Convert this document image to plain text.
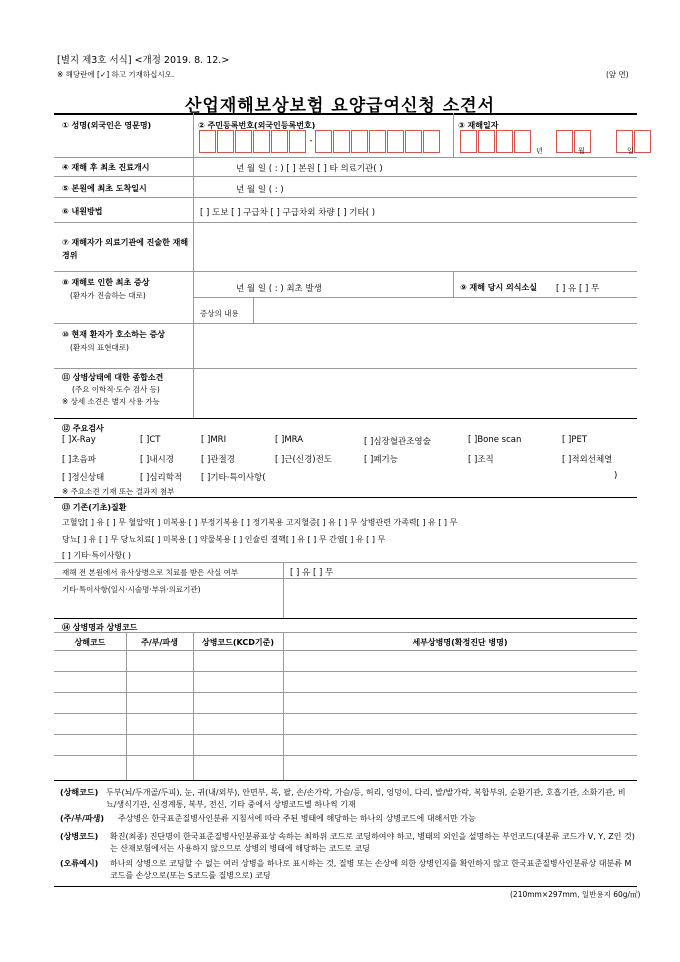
[별지 제3호 서식] <개정 2019. 8. 12.>
※ 해당란에 [✓] 하고 기재하십시오.	(앞 면)
산업재해보상보험 요양급여신청 소견서
① 성명(외국인은 영문명)	② 주민등록번호(외국인등록번호)	③ 재해일자
-
년	월	일
④ 재해 후 최초 진료개시	년 월 일 ( : ) [ ] 본원 [ ] 타 의료기관( )
⑤ 본원에 최초 도착일시	년 월 일 ( : )
⑥ 내원방법	[ ] 도보 [ ] 구급차 [ ] 구급차외 차량 [ ] 기타( )
⑦ 재해자가 의료기관에 진술한 재해경위
⑧ 재해로 인한 최초 증상
(환자가 진술하는 대로)
년 월 일 ( : ) 최초 발생	⑨ 재해 당시 의식소실 [ ] 유 [ ] 무
증상의 내용
⑩ 현재 환자가 호소하는 증상
(환자의 표현대로)
⑪ 상병상태에 대한 종합소견
(주요 이학적·도수 검사 등)
※ 상세 소견은 별지 사용 가능
⑫ 주요검사
[ ]X-Ray	[ ]CT	[ ]MRI	[ ]MRA	[ ]심장혈관조영술	[ ]Bone scan	[ ]PET
[ ]초음파	[ ]내시경	[ ]관절경	[ ]근(신경)전도	[ ]폐기능	[ ]조직	[ ]적외선체열
[ ]정신상태	[ ]심리학적 [ ]기타·특이사항(	)
※ 주요소견 기재 또는 결과지 첨부
⑬ 기존(기초)질환
고혈압[ ] 유 [ ] 무 혈압약[ ] 미복용 [ ] 부정기복용 [ ] 정기복용 고지혈증[ ] 유 [ ] 무 상병관련 가족력[ ] 유 [ ] 무
당뇨[ ] 유 [ ] 무 당뇨치료[ ] 미복용 [ ] 약물복용 [ ] 인슐린 결핵[ ] 유 [ ] 무 간염[ ] 유 [ ] 무
[ ] 기타·특이사항( )
재해 전 본원에서 유사상병으로 치료를 받은 사실 여부	[ ] 유 [ ] 무
기타·특이사항(일시·시술명·부위·의료기관)
⑭ 상병명과 상병코드
상해코드	주/부/파생	상병코드(KCD기준)	세부상병명(확정진단 병명)
(상해코드) 두부(뇌/두개골/두피), 눈, 귀(내/외부), 안면부, 목, 팔, 손/손가락, 가슴/등, 허리, 엉덩이, 다리, 발/발가락, 복합부위, 순환기관, 호흡기관, 소화기관, 비뇨/생식기관, 신경계통, 복부, 전신, 기타 중에서 상병코드별 하나씩 기재
(주/부/파생)	주상병은 한국표준질병사인분류 지침서에 따라 주된 병태에 해당하는 하나의 상병코드에 대해서만 가능
(상병코드)	확진(최종) 진단명이 한국표준질병사인분류표상 속하는 최하위 코드로 코딩하여야 하고, 병태의 외인을 설명하는 부언코드(대분류 코드가 V, Y, Z인 것)는 산재보험에서는 사용하지 않으므로 상병의 병태에 해당하는 코드로 코딩
(오류예시)	하나의 상병으로 코딩할 수 없는 여러 상병을 하나로 표시하는 것, 질병 또는 손상에 의한 상병인지를 확인하지 않고 한국표준질병사인분류상 대분류 M코드를 손상으로(또는 S코드를 질병으로) 코딩
(210mm×297mm, 일반용지 60g/㎡)
